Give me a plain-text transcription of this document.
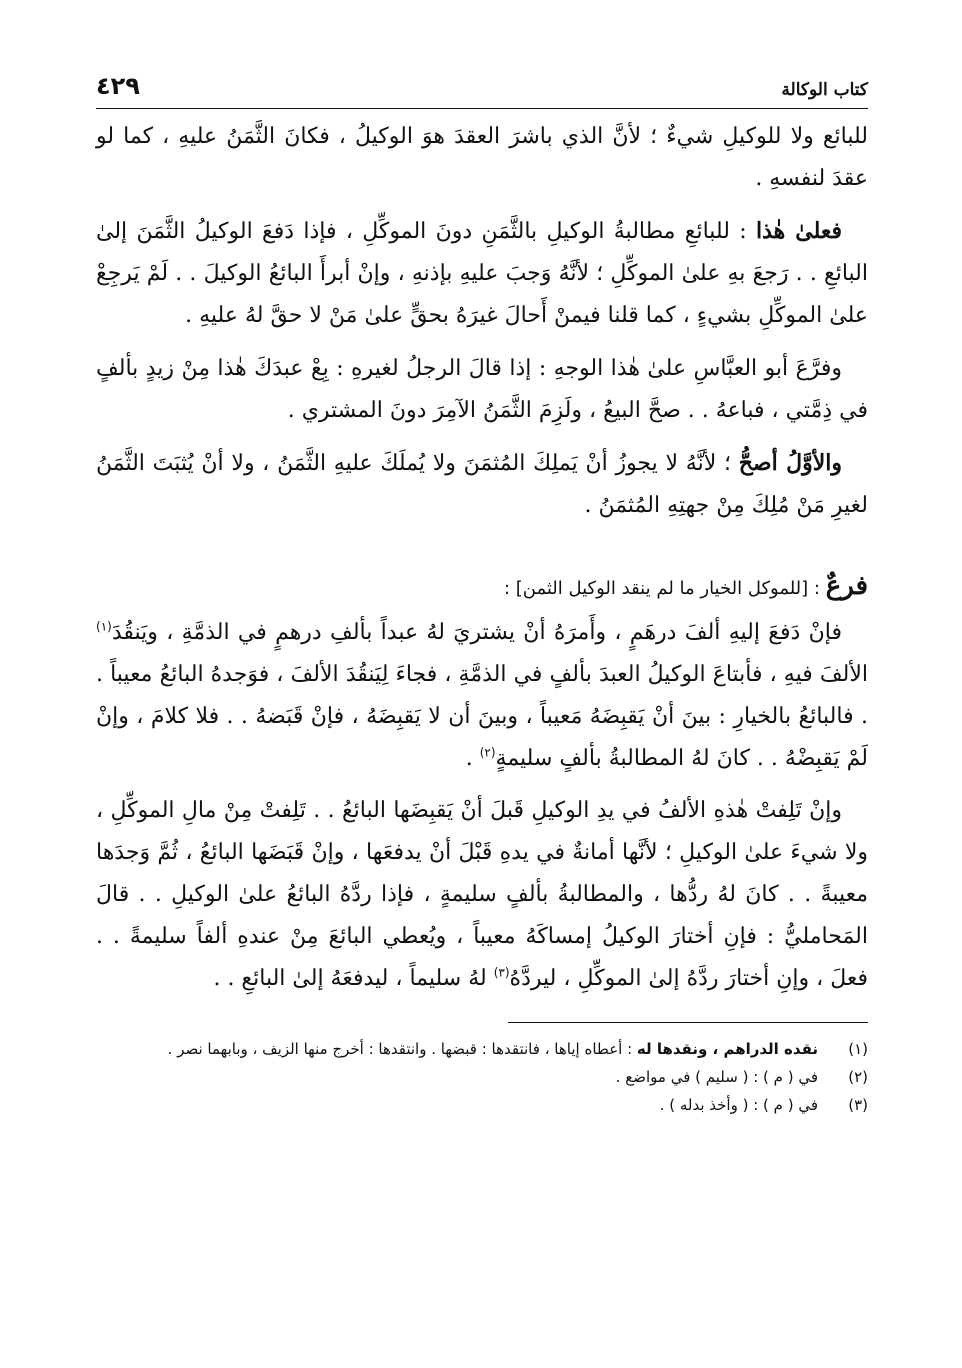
كتاب الوكالة
٤٢٩

للبائع ولا للوكيلِ شيءٌ ؛ لأنَّ الذي باشرَ العقدَ هوَ الوكيلُ ، فكانَ الثَّمَنُ عليهِ ، كما لو عقدَ لنفسهِ .

فعلىٰ هٰذا : للبائعِ مطالبةُ الوكيلِ بالثَّمَنِ دونَ الموكِّلِ ، فإذا دَفعَ الوكيلُ الثَّمَنَ إلىٰ البائعِ . . رَجعَ بهِ علىٰ الموكِّلِ ؛ لأنَّهُ وَجبَ عليهِ بإذنهِ ، وإنْ أبرأَ البائعُ الوكيلَ . . لَمْ يَرجِعْ علىٰ الموكِّلِ بشيءٍ ، كما قلنا فيمنْ أَحالَ غيرَهُ بحقٍّ علىٰ مَنْ لا حقَّ لهُ عليهِ .

وفرَّعَ أبو العبَّاسِ علىٰ هٰذا الوجهِ : إذا قالَ الرجلُ لغيرهِ : بِعْ عبدَكَ هٰذا مِنْ زيدٍ بألفٍ في ذِمَّتي ، فباعهُ . . صحَّ البيعُ ، ولَزِمَ الثَّمَنُ الآمِرَ دونَ المشتري .

والأوَّلُ أصحُّ ؛ لأنَّهُ لا يجوزُ أنْ يَملِكَ المُثمَنَ ولا يُملَكَ عليهِ الثَّمَنُ ، ولا أنْ يُثبَتَ الثَّمَنُ لغيرِ مَنْ مُلِكَ مِنْ جهتِهِ المُثمَنُ .

فرعٌ : [للموكل الخيار ما لم ينقد الوكيل الثمن] :

فإنْ دَفعَ إليهِ ألفَ درهَمٍ ، وأَمرَهُ أنْ يشتريَ لهُ عبداً بألفِ درهمٍ في الذمَّةِ ، ويَنقُدَ$^{(١)}$ الألفَ فيهِ ، فأبتاعَ الوكيلُ العبدَ بألفٍ في الذمَّةِ ، فجاءَ لِيَنقُدَ الألفَ ، فوَجدهُ البائعُ معيباً . . فالبائعُ بالخيارِ : بينَ أنْ يَقبِضَهُ مَعيباً ، وبينَ أن لا يَقبِضَهُ ، فإنْ قَبَضهُ . . فلا كلامَ ، وإنْ لَمْ يَقبِضْهُ . . كانَ لهُ المطالبةُ بألفٍ سليمةٍ$^{(٢)}$ .

وإنْ تَلِفتْ هٰذهِ الألفُ في يدِ الوكيلِ قَبلَ أنْ يَقبِضَها البائعُ . . تَلِفتْ مِنْ مالِ الموكِّلِ ، ولا شيءَ علىٰ الوكيلِ ؛ لأنَّها أمانةٌ في يدهِ قَبْلَ أنْ يدفعَها ، وإنْ قَبَضَها البائعُ ، ثُمَّ وَجدَها معيبةً . . كانَ لهُ ردُّها ، والمطالبةُ بألفٍ سليمةٍ ، فإذا ردَّهُ البائعُ علىٰ الوكيلِ . . قالَ المَحامليُّ : فإنِ أختارَ الوكيلُ إمساكَهُ معيباً ، ويُعطي البائعَ مِنْ عندهِ ألفاً سليمةً . . فعلَ ، وإنِ أختارَ ردَّهُ إلىٰ الموكِّلِ ، ليردَّهُ$^{(٣)}$ لهُ سليماً ، ليدفعَهُ إلىٰ البائعِ . .

(١)
نقده الدراهم ، ونقدها له : أعطاه إياها ، فانتقدها : قبضها . وانتقدها : أخرج منها الزيف ، وبابهما نصر .
(٢)
في ( م ) : ( سليم ) في مواضع .
(٣)
في ( م ) : ( وأخذ بدله ) .
